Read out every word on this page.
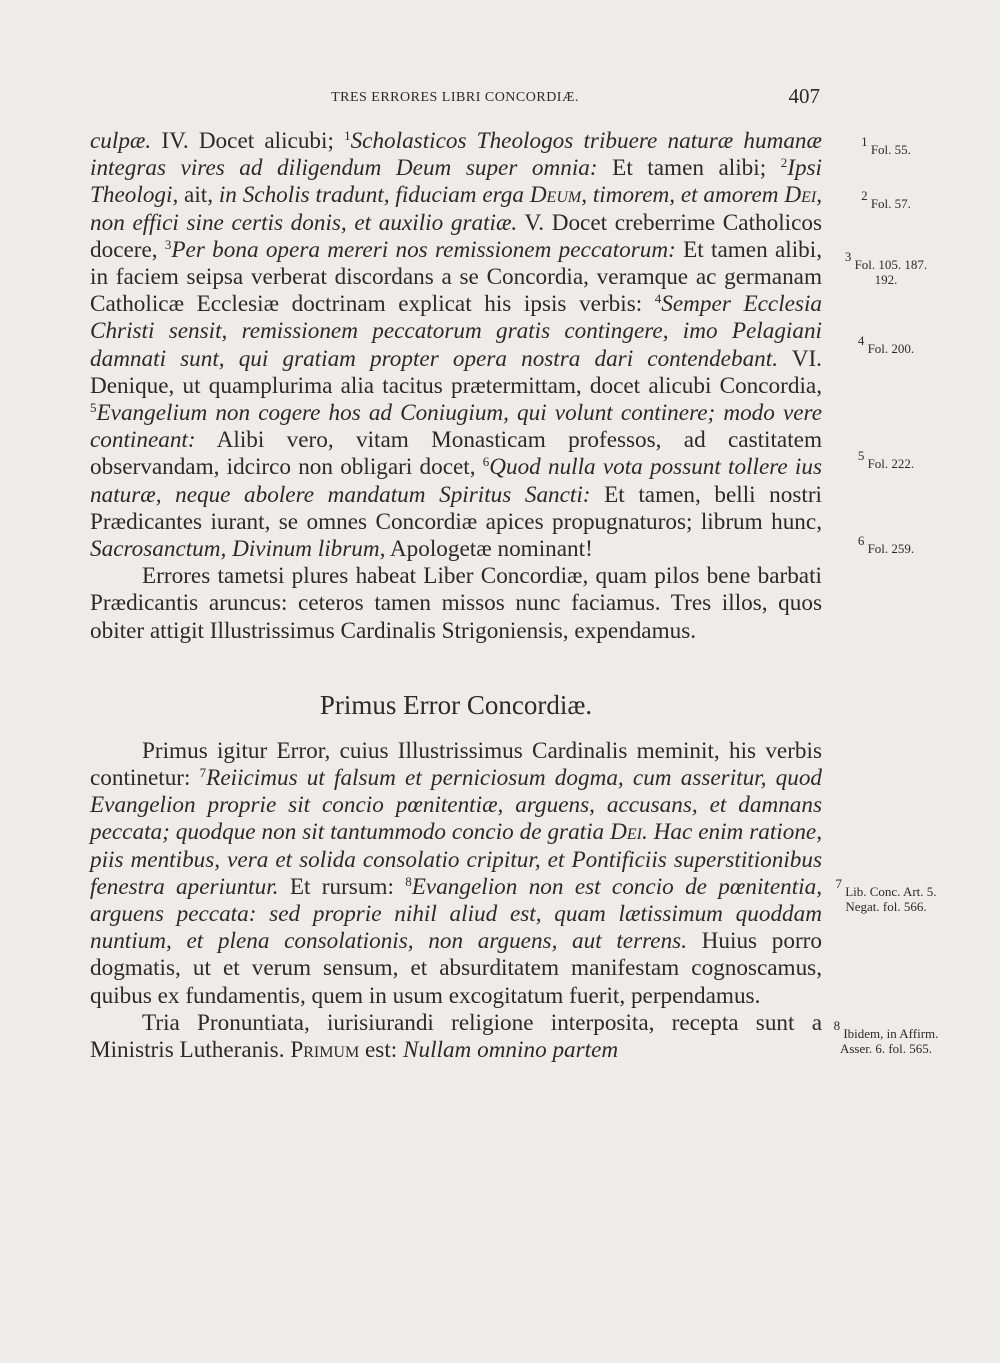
TRES ERRORES LIBRI CONCORDIÆ.	407

culpæ. IV. Docet alicubi; $^1$Scholasticos Theologos tribuere naturæ humanæ integras vires ad diligendum Deum super omnia: Et tamen alibi; $^2$Ipsi Theologi, ait, in Scholis tradunt, fiduciam erga Deum, timorem, et amorem Dei, non effici sine certis donis, et auxilio gratiæ. V. Docet creberrime Catholicos docere, $^3$Per bona opera mereri nos remissionem peccatorum: Et tamen alibi, in faciem seipsa verberat discordans a se Concordia, veramque ac germanam Catholicæ Ecclesiæ doctrinam explicat his ipsis verbis: $^4$Semper Ecclesia Christi sensit, remissionem peccatorum gratis contingere, imo Pelagiani damnati sunt, qui gratiam propter opera nostra dari contendebant. VI. Denique, ut quamplurima alia tacitus prætermittam, docet alicubi Concordia, $^5$Evangelium non cogere hos ad Coniugium, qui volunt continere; modo vere contineant: Alibi vero, vitam Monasticam professos, ad castitatem observandam, idcirco non obligari docet, $^6$Quod nulla vota possunt tollere ius naturæ, neque abolere mandatum Spiritus Sancti: Et tamen, belli nostri Prædicantes iurant, se omnes Concordiæ apices propugnaturos; librum hunc, Sacrosanctum, Divinum librum, Apologetæ nominant!

Errores tametsi plures habeat Liber Concordiæ, quam pilos bene barbati Prædicantis aruncus: ceteros tamen missos nunc faciamus. Tres illos, quos obiter attigit Illustrissimus Cardinalis Strigoniensis, expendamus.

Primus Error Concordiæ.

Primus igitur Error, cuius Illustrissimus Cardinalis meminit, his verbis continetur: $^7$Reiicimus ut falsum et perniciosum dogma, cum asseritur, quod Evangelion proprie sit concio pœnitentiæ, arguens, accusans, et damnans peccata; quodque non sit tantummodo concio de gratia Dei. Hac enim ratione, piis mentibus, vera et solida consolatio cripitur, et Pontificiis superstitionibus fenestra aperiuntur. Et rursum: $^8$Evangelion non est concio de pœnitentia, arguens peccata: sed proprie nihil aliud est, quam lætissimum quoddam nuntium, et plena consolationis, non arguens, aut terrens. Huius porro dogmatis, ut et verum sensum, et absurditatem manifestam cognoscamus, quibus ex fundamentis, quem in usum excogitatum fuerit, perpendamus.

Tria Pronuntiata, iurisiurandi religione interposita, recepta sunt a Ministris Lutheranis. Primum est: Nullam omnino partem

$^1$ Fol. 55.
$^2$ Fol. 57.
$^3$ Fol. 105. 187. 192.
$^4$ Fol. 200.
$^5$ Fol. 222.
$^6$ Fol. 259.
$^7$ Lib. Conc. Art. 5. Negat. fol. 566.
$^8$ Ibidem, in Affirm. Asser. 6. fol. 565.
